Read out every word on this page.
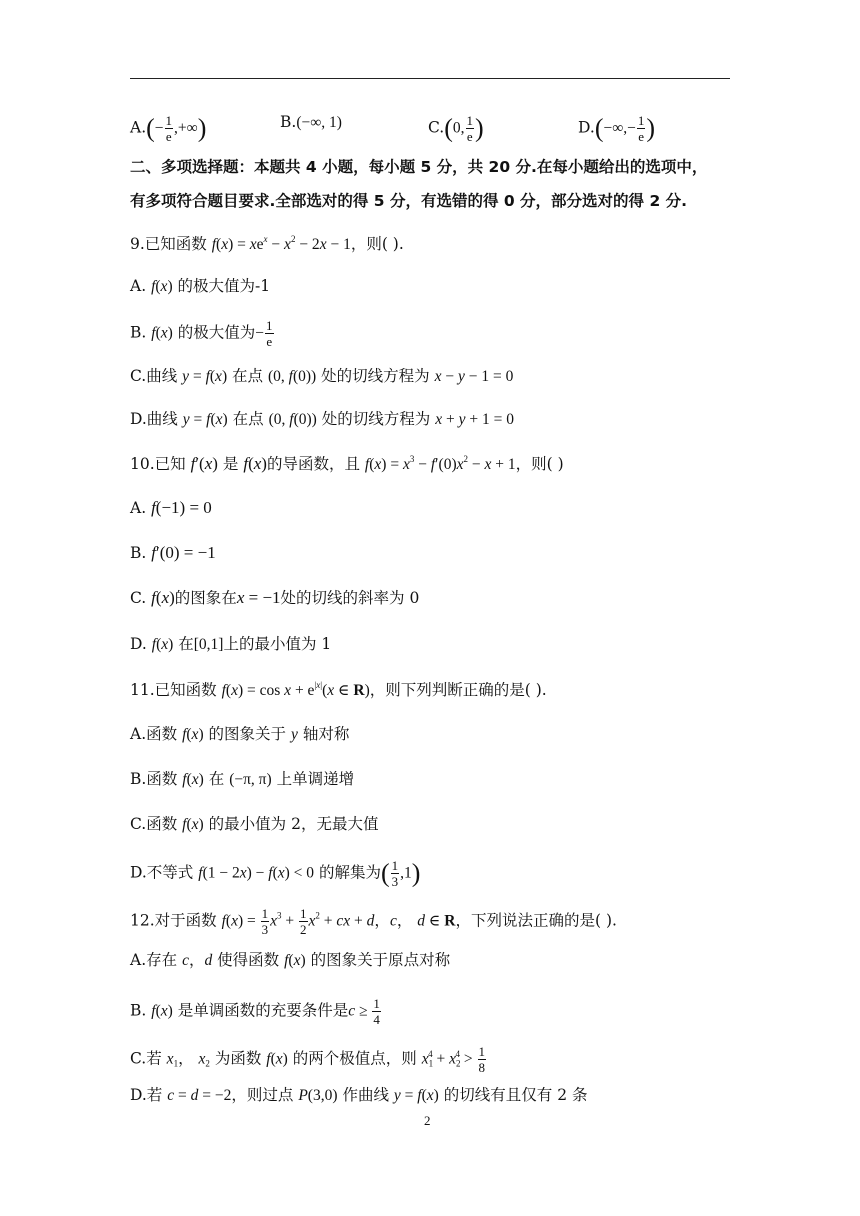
$A.(- \frac{1}{e}$ ,+∞)	B.(−∞, 1)	C.(0, $\frac{1}{e}$ )	$D.(-\infty,- \frac{1}{e}$ )
二、多项选择题：本题共 4 小题，每小题 5 分，共 20 分.在每小题给出的选项中，
有多项符合题目要求.全部选对的得 5 分，有选错的得 0 分，部分选对的得 2 分.
9.已知函数 $f(x) = xe^x - x^2 - 2x - 1$，则( ).
A. f(x) 的极大值为-1
B. f(x) 的极大值为− $\frac{1}{e}$
C.曲线 y = f(x) 在点 (0, f(0)) 处的切线方程为 x − y − 1 = 0
D.曲线 y = f(x) 在点 (0, f(0)) 处的切线方程为 x + y + 1 = 0
10.已知 f′(x) 是 f(x)的导函数，且 $f(x) = x^3 - f'(0)x^2 - x + 1$，则( )
A. f(−1) = 0
B. f′(0) = −1
C. f(x)的图象在x = −1处的切线的斜率为 0
D. f(x) 在[0,1]上的最小值为 1
11.已知函数 $f(x) = \cos x + e^{|x|}(x$ ∈ R)，则下列判断正确的是( ).
A.函数 f(x) 的图象关于 y 轴对称
B.函数 f(x) 在 (−π, π) 上单调递增
C.函数 f(x) 的最小值为 2，无最大值
D.不等式 f(1 − 2x) − f(x) < 0 的解集为( $\frac{1}{3} ,1$)
12.对于函数 $f(x) = \frac{1}{3} x^3 + \frac{1}{2} x^2$ + cx + d，c， d ∈ R，下列说法正确的是( ).
A.存在 c，d 使得函数 f(x) 的图象关于原点对称
B. f(x) 是单调函数的充要条件是$c \ge \frac{1}{4}$
C.若 $x_1$， $x_2$ 为函数 f(x) 的两个极值点，则 $x_1^4 + x_2^4 > \frac{1}{8}$
D.若 c = d = −2，则过点 P(3,0) 作曲线 y = f(x) 的切线有且仅有 2 条
2
